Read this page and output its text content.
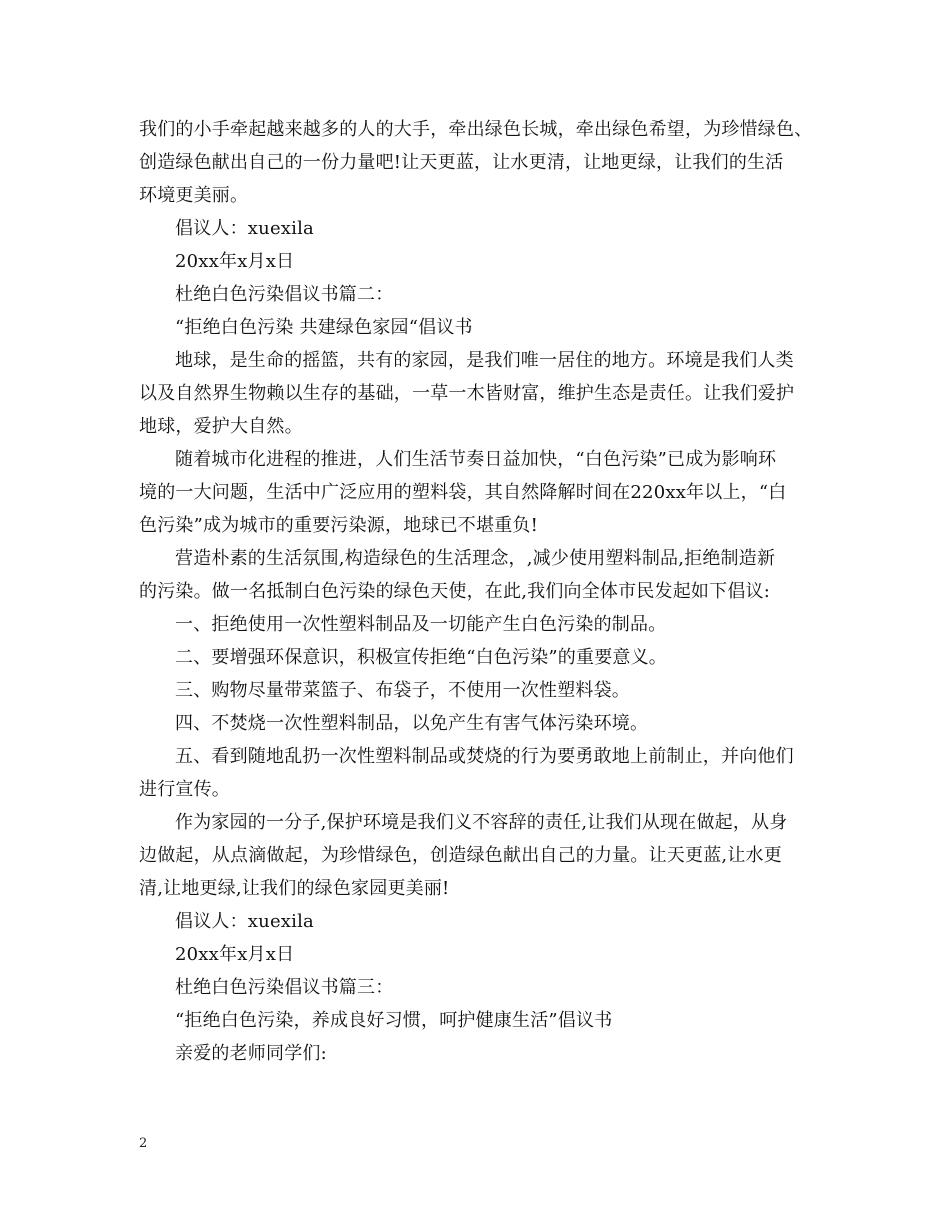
我们的小手牵起越来越多的人的大手，牵出绿色长城，牵出绿色希望，为珍惜绿色、
创造绿色献出自己的一份力量吧!让天更蓝，让水更清，让地更绿，让我们的生活
环境更美丽。
倡议人：xuexila
20xx年x月x日
杜绝白色污染倡议书篇二：
“拒绝白色污染 共建绿色家园“倡议书
地球，是生命的摇篮，共有的家园，是我们唯一居住的地方。环境是我们人类
以及自然界生物赖以生存的基础，一草一木皆财富，维护生态是责任。让我们爱护
地球，爱护大自然。
随着城市化进程的推进，人们生活节奏日益加快，“白色污染”已成为影响环
境的一大问题，生活中广泛应用的塑料袋，其自然降解时间在220xx年以上，“白
色污染”成为城市的重要污染源，地球已不堪重负!
营造朴素的生活氛围,构造绿色的生活理念，,减少使用塑料制品,拒绝制造新
的污染。做一名抵制白色污染的绿色天使，在此,我们向全体市民发起如下倡议:
一、拒绝使用一次性塑料制品及一切能产生白色污染的制品。
二、要增强环保意识，积极宣传拒绝“白色污染”的重要意义。
三、购物尽量带菜篮子、布袋子，不使用一次性塑料袋。
四、不焚烧一次性塑料制品，以免产生有害气体污染环境。
五、看到随地乱扔一次性塑料制品或焚烧的行为要勇敢地上前制止，并向他们
进行宣传。
作为家园的一分子,保护环境是我们义不容辞的责任,让我们从现在做起，从身
边做起，从点滴做起，为珍惜绿色，创造绿色献出自己的力量。让天更蓝,让水更
清,让地更绿,让我们的绿色家园更美丽!
倡议人：xuexila
20xx年x月x日
杜绝白色污染倡议书篇三：
“拒绝白色污染，养成良好习惯，呵护健康生活”倡议书
亲爱的老师同学们:
2
